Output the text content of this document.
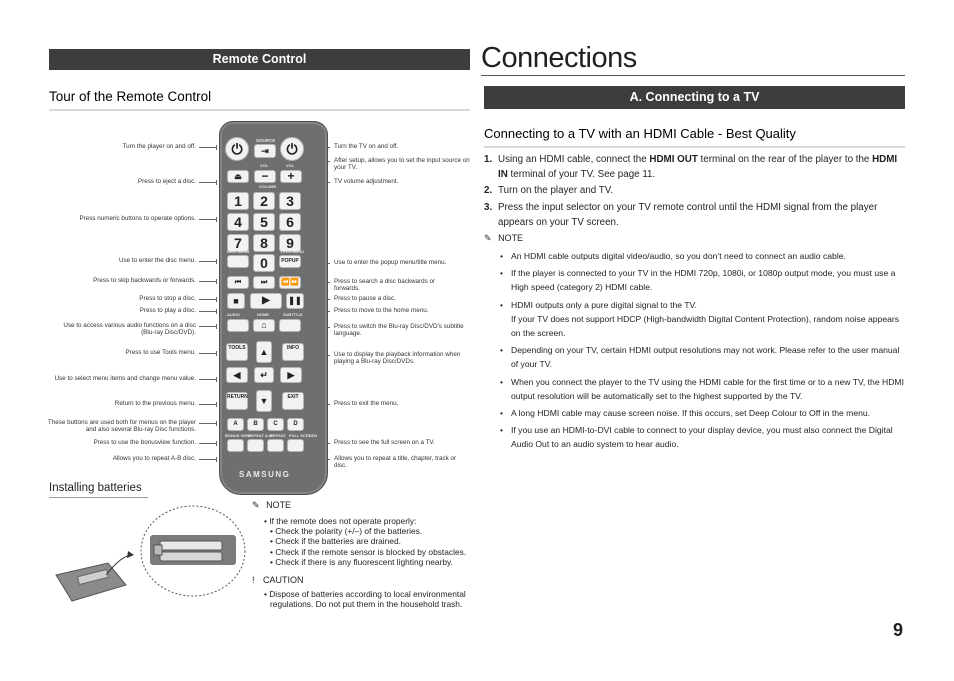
Remote Control
Tour of the Remote Control
Turn the player on and off.
Press to eject a disc.
Press numeric buttons to operate options.
Use to enter the disc menu.
Press to skip backwards or forwards.
Press to stop a disc.
Press to play a disc.
Use to access various audio functions on a disc (Blu-ray Disc/DVD).
Press to use Tools menu.
Use to select menu items and change menu value.
Return to the previous menu.
These buttons are used both for menus on the player and also several Blu-ray Disc functions.
Press to use the bonusview function.
Allows you to repeat A-B disc.
Turn the TV on and off.
After setup, allows you to set the input source on your TV.
TV volume adjustment.
Use to enter the popup menu/title menu.
Press to search a disc backwards or forwards.
Press to pause a disc.
Press to move to the home menu.
Press to switch the Blu-ray Disc/DVD's subtitle language.
Use to display the playback information when playing a Blu-ray Disc/DVDs.
Press to exit the menu.
Press to see the full screen on a TV.
Allows you to repeat a title, chapter, track or disc.
SOURCE
⏻	⇥	⏻
VOL	VOL
⏏	−	+
VOLUME
1	2	3
4	5	6
7	8	9
DISC MENU	TITLE MENU
0	POPUP
⏮	⏭	⏪⏩
■	▶	❚❚
AUDIO	HOME	SUBTITLE
⌂
TOOLS	▲	INFO
◀	↵	▶
RETURN	▼	EXIT
A	B	C	D
BONUS VIEW
REPEAT A-B
REPEAT FULL SCREEN
SAMSUNG
Installing batteries
✎ NOTE
• If the remote does not operate properly:
• Check the polarity (+/–) of the batteries.
• Check if the batteries are drained.
• Check if the remote sensor is blocked by obstacles.
• Check if there is any fluorescent lighting nearby.
! CAUTION
• Dispose of batteries according to local environmental
regulations. Do not put them in the household trash.
Connections
A. Connecting to a TV
Connecting to a TV with an HDMI Cable - Best Quality
1. Using an HDMI cable, connect the HDMI OUT terminal on the rear of the player to the HDMI IN terminal of your TV. See page 11.
2. Turn on the player and TV.
3. Press the input selector on your TV remote control until the HDMI signal from the player appears on your TV screen.
✎ NOTE
• An HDMI cable outputs digital video/audio, so you don’t need to connect an audio cable.
• If the player is connected to your TV in the HDMI 720p, 1080i, or 1080p output mode, you must use a High speed (category 2) HDMI cable.
• HDMI outputs only a pure digital signal to the TV.
If your TV does not support HDCP (High-bandwidth Digital Content Protection), random noise appears on the screen.
• Depending on your TV, certain HDMI output resolutions may not work. Please refer to the user manual of your TV.
• When you connect the player to the TV using the HDMI cable for the first time or to a new TV, the HDMI output resolution will be automatically set to the highest supported by the TV.
• A long HDMI cable may cause screen noise. If this occurs, set Deep Colour to Off in the menu.
• If you use an HDMI-to-DVI cable to connect to your display device, you must also connect the Digital Audio Out to an audio system to hear audio.
9
